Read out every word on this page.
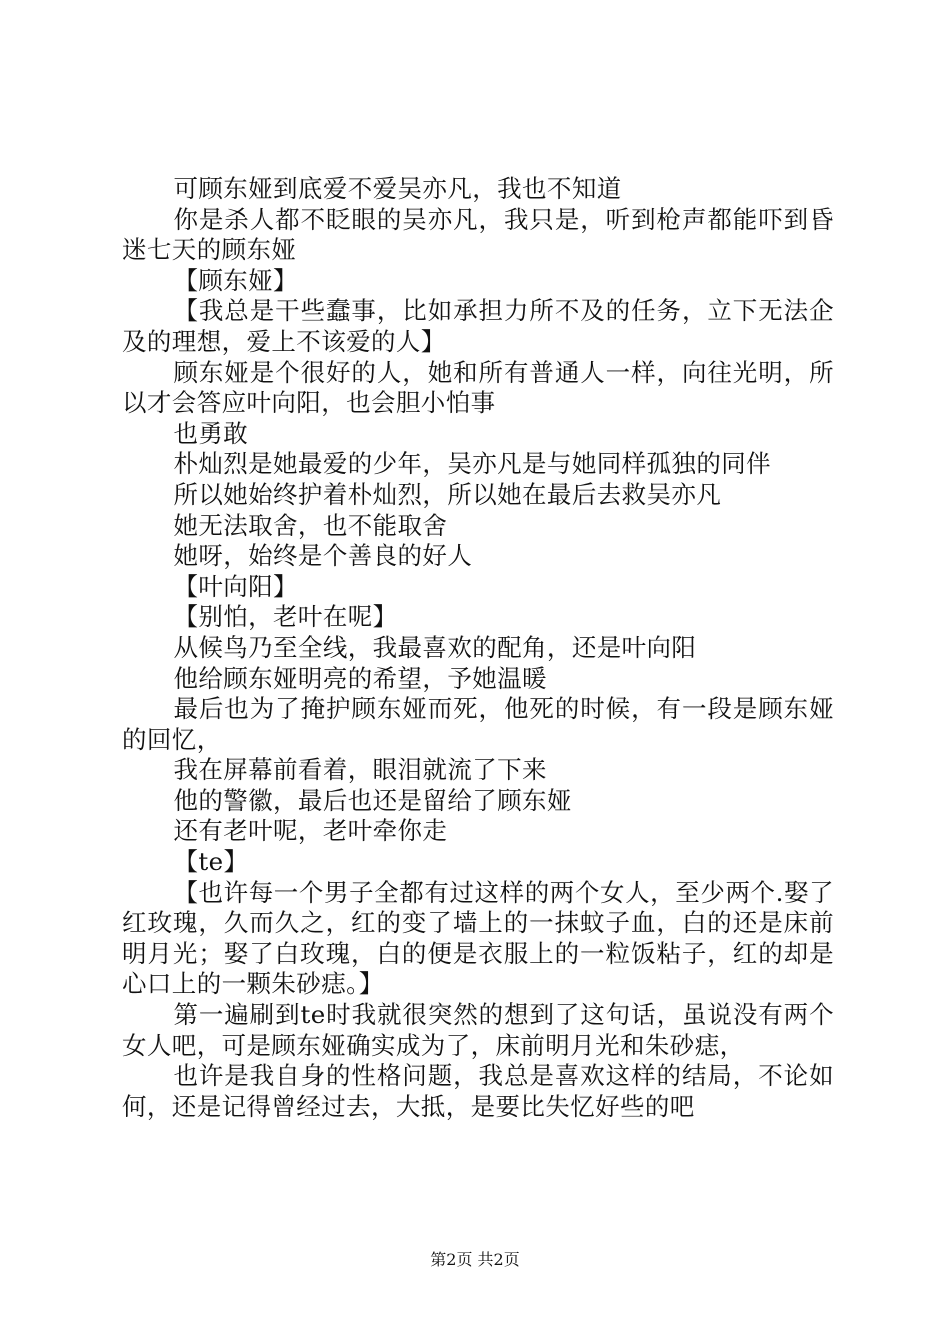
可顾东娅到底爱不爱吴亦凡，我也不知道

你是杀人都不眨眼的吴亦凡，我只是，听到枪声都能吓到昏迷七天的顾东娅

【顾东娅】

【我总是干些蠢事，比如承担力所不及的任务，立下无法企及的理想，爱上不该爱的人】

顾东娅是个很好的人，她和所有普通人一样，向往光明，所以才会答应叶向阳，也会胆小怕事

也勇敢

朴灿烈是她最爱的少年，吴亦凡是与她同样孤独的同伴

所以她始终护着朴灿烈，所以她在最后去救吴亦凡

她无法取舍，也不能取舍

她呀，始终是个善良的好人

【叶向阳】

【别怕，老叶在呢】

从候鸟乃至全线，我最喜欢的配角，还是叶向阳

他给顾东娅明亮的希望，予她温暖

最后也为了掩护顾东娅而死，他死的时候，有一段是顾东娅的回忆，

我在屏幕前看着，眼泪就流了下来

他的警徽，最后也还是留给了顾东娅

还有老叶呢，老叶牵你走

【te】

【也许每一个男子全都有过这样的两个女人，至少两个.娶了红玫瑰，久而久之，红的变了墙上的一抹蚊子血，白的还是床前明月光；娶了白玫瑰，白的便是衣服上的一粒饭粘子，红的却是心口上的一颗朱砂痣。】

第一遍刷到te时我就很突然的想到了这句话，虽说没有两个女人吧，可是顾东娅确实成为了，床前明月光和朱砂痣，

也许是我自身的性格问题，我总是喜欢这样的结局，不论如何，还是记得曾经过去，大抵，是要比失忆好些的吧

第2页 共2页
